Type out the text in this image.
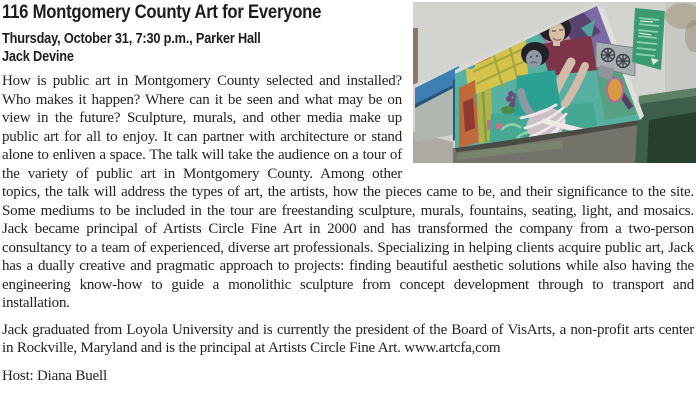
116 Montgomery County Art for Everyone
Thursday, October 31, 7:30 p.m., Parker Hall
Jack Devine

How is public art in Montgomery County selected and installed? Who makes it happen? Where can it be seen and what may be on view in the future? Sculpture, murals, and other media make up public art for all to enjoy. It can partner with architecture or stand alone to enliven a space. The talk will take the audience on a tour of the variety of public art in Montgomery County. Among other topics, the talk will address the types of art, the artists, how the pieces came to be, and their significance to the site. Some mediums to be included in the tour are freestanding sculpture, murals, fountains, seating, light, and mosaics. Jack became principal of Artists Circle Fine Art in 2000 and has transformed the company from a two-person consultancy to a team of experienced, diverse art professionals. Specializing in helping clients acquire public art, Jack has a dually creative and pragmatic approach to projects: finding beautiful aesthetic solutions while also having the engineering know-how to guide a monolithic sculpture from concept development through to transport and installation.

Jack graduated from Loyola University and is currently the president of the Board of VisArts, a non-profit arts center in Rockville, Maryland and is the principal at Artists Circle Fine Art. www.artcfa,com

Host: Diana Buell
